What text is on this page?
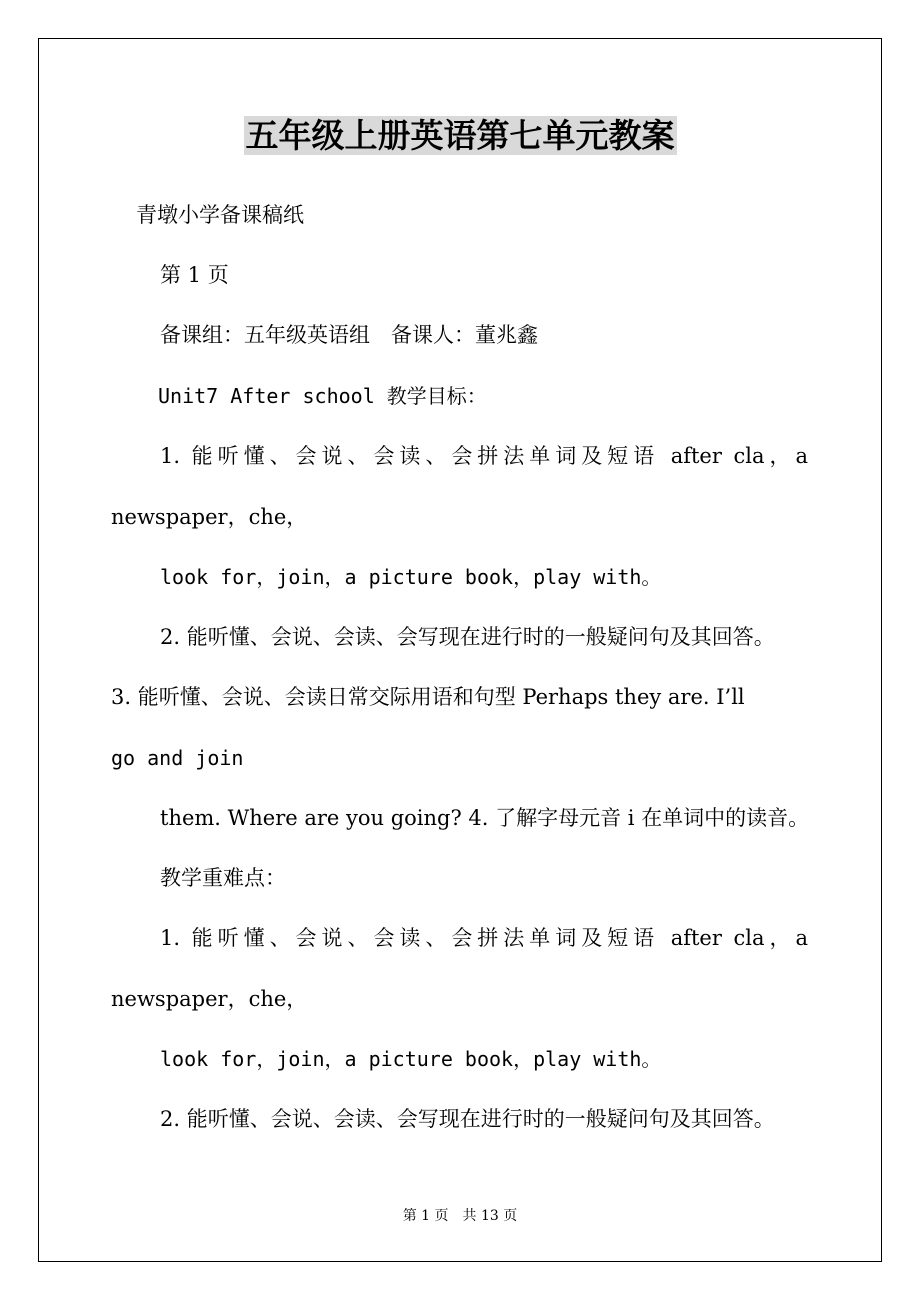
五年级上册英语第七单元教案
青墩小学备课稿纸
第 1 页
备课组：五年级英语组　备课人：董兆鑫
Unit7 After school 教学目标：
1. 能听懂、会说、会读、会拼法单词及短语 after cla，a
newspaper，che，
look for，join，a picture book，play with。
2. 能听懂、会说、会读、会写现在进行时的一般疑问句及其回答。
3. 能听懂、会说、会读日常交际用语和句型 Perhaps they are. I’ll
go and join
them. Where are you going? 4. 了解字母元音 i 在单词中的读音。
教学重难点：
1. 能听懂、会说、会读、会拼法单词及短语 after cla，a
newspaper，che，
look for，join，a picture book，play with。
2. 能听懂、会说、会读、会写现在进行时的一般疑问句及其回答。
第 1 页　共 13 页
